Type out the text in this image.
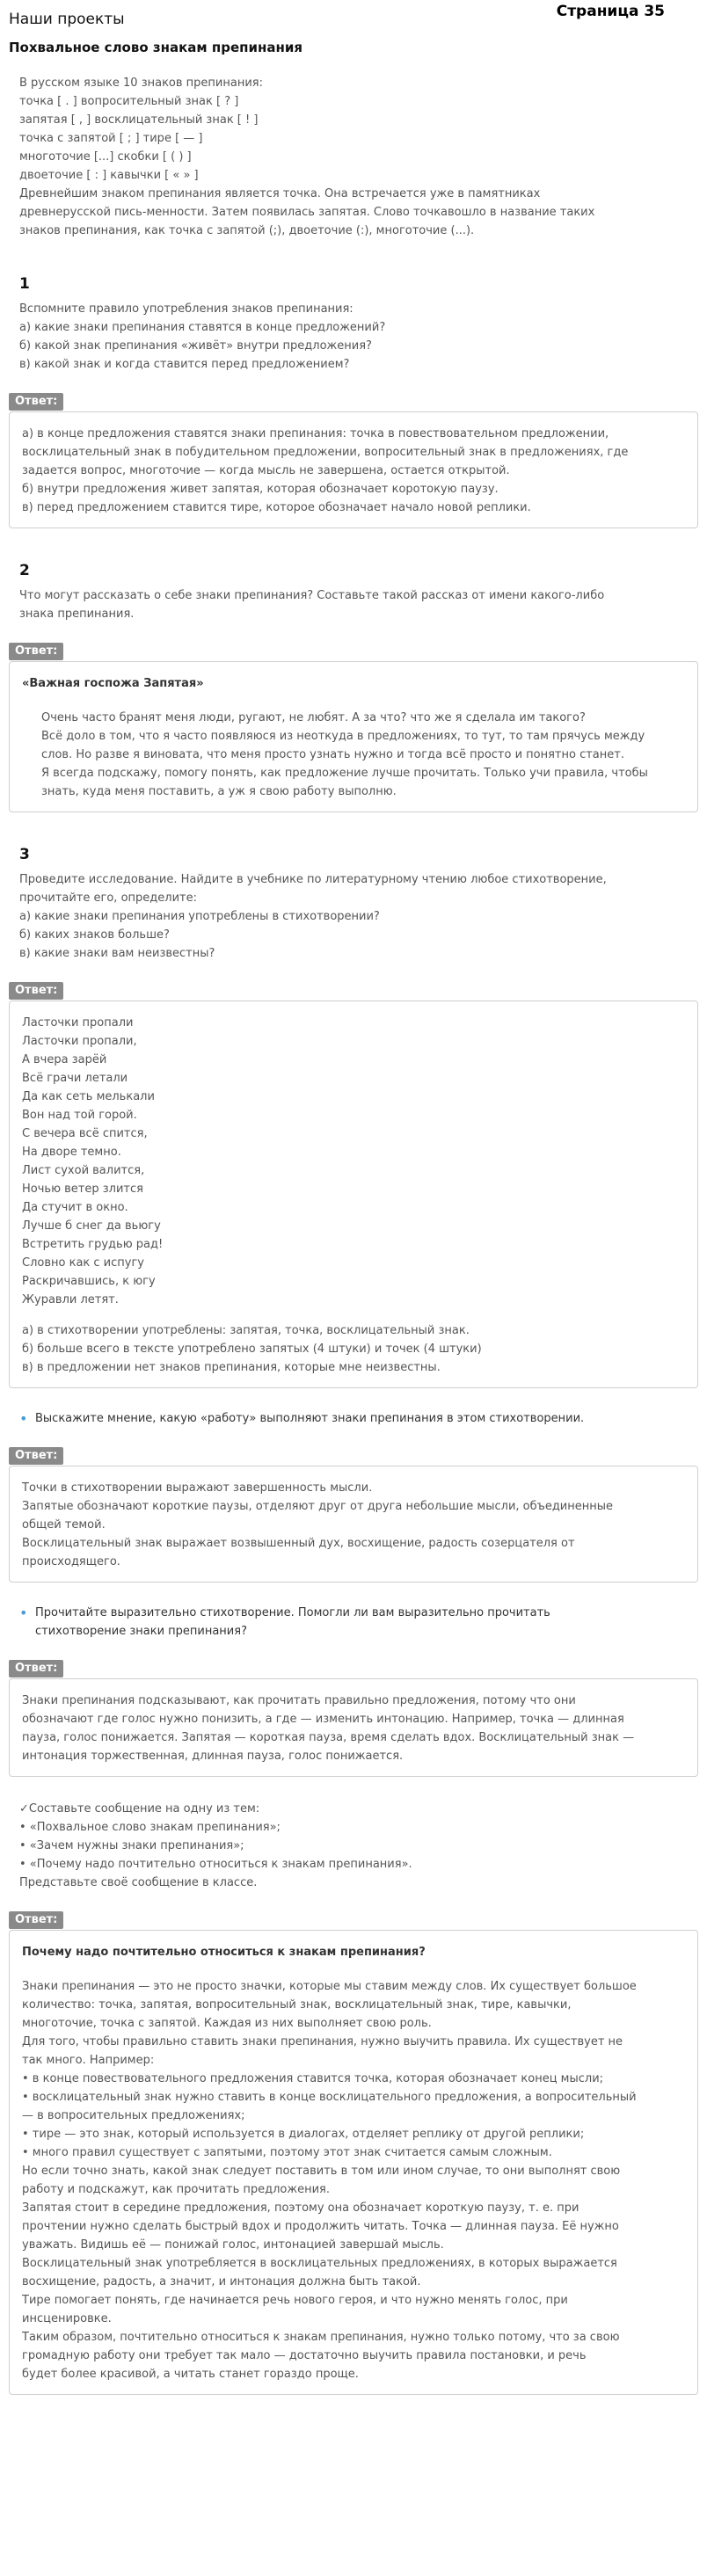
Страница 35
Наши проекты
Похвальное слово знакам препинания
В русском языке 10 знаков препинания:
точка [ . ] вопросительный знак [ ? ]
запятая [ , ] восклицательный знак [ ! ]
точка с запятой [ ; ] тире [ — ]
многоточие [...] скобки [ ( ) ]
двоеточие [ : ] кавычки [ « » ]
Древнейшим знаком препинания является точка. Она встречается уже в памятниках
древнерусской пись-менности. Затем появилась запятая. Слово точкавошло в название таких
знаков препинания, как точка с запятой (;), двоеточие (:), многоточие (...).
1
Вспомните правило употребления знаков препинания:
а) какие знаки препинания ставятся в конце предложений?
б) какой знак препинания «живёт» внутри предложения?
в) какой знак и когда ставится перед предложением?
Ответ:
а) в конце предложения ставятся знаки препинания: точка в повествовательном предложении,
восклицательный знак в побудительном предложении, вопросительный знак в предложениях, где
задается вопрос, многоточие — когда мысль не завершена, остается открытой.
б) внутри предложения живет запятая, которая обозначает коротокую паузу.
в) перед предложением ставится тире, которое обозначает начало новой реплики.
2
Что могут рассказать о себе знаки препинания? Составьте такой рассказ от имени какого-либо
знака препинания.
Ответ:
«Важная госпожа Запятая»
Очень часто бранят меня люди, ругают, не любят. А за что? что же я сделала им такого?
Всё доло в том, что я часто появляюся из неоткуда в предложениях, то тут, то там прячусь между
слов. Но разве я виновата, что меня просто узнать нужно и тогда всё просто и понятно станет.
Я всегда подскажу, помогу понять, как предложение лучше прочитать. Только учи правила, чтобы
знать, куда меня поставить, а уж я свою работу выполню.
3
Проведите исследование. Найдите в учебнике по литературному чтению любое стихотворение,
прочитайте его, определите:
а) какие знаки препинания употреблены в стихотворении?
б) каких знаков больше?
в) какие знаки вам неизвестны?
Ответ:
Ласточки пропали
Ласточки пропали,
А вчера зарёй
Всё грачи летали
Да как сеть мелькали
Вон над той горой.
С вечера всё спится,
На дворе темно.
Лист сухой валится,
Ночью ветер злится
Да стучит в окно.
Лучше б снег да вьюгу
Встретить грудью рад!
Словно как с испугу
Раскричавшись, к югу
Журавли летят.
а) в стихотворении употреблены: запятая, точка, восклицательный знак.
б) больше всего в тексте употреблено запятых (4 штуки) и точек (4 штуки)
в) в предложении нет знаков препинания, которые мне неизвестны.
• Выскажите мнение, какую «работу» выполняют знаки препинания в этом стихотворении.
Ответ:
Точки в стихотворении выражают завершенность мысли.
Запятые обозначают короткие паузы, отделяют друг от друга небольшие мысли, объединенные
общей темой.
Восклицательный знак выражает возвышенный дух, восхищение, радость созерцателя от
происходящего.
• Прочитайте выразительно стихотворение. Помогли ли вам выразительно прочитать
стихотворение знаки препинания?
Ответ:
Знаки препинания подсказывают, как прочитать правильно предложения, потому что они
обозначают где голос нужно понизить, а где — изменить интонацию. Например, точка — длинная
пауза, голос понижается. Запятая — короткая пауза, время сделать вдох. Восклицательный знак —
интонация торжественная, длинная пауза, голос понижается.
✓Составьте сообщение на одну из тем:
• «Похвальное слово знакам препинания»;
• «Зачем нужны знаки препинания»;
• «Почему надо почтительно относиться к знакам препинания».
Представьте своё сообщение в классе.
Ответ:
Почему надо почтительно относиться к знакам препинания?
Знаки препинания — это не просто значки, которые мы ставим между слов. Их существует большое
количество: точка, запятая, вопросительный знак, восклицательный знак, тире, кавычки,
многоточие, точка с запятой. Каждая из них выполняет свою роль.
Для того, чтобы правильно ставить знаки препинания, нужно выучить правила. Их существует не
так много. Например:
• в конце повествовательного предложения ставится точка, которая обозначает конец мысли;
• восклицательный знак нужно ставить в конце восклицательного предложения, а вопросительный
— в вопросительных предложениях;
• тире — это знак, который используется в диалогах, отделяет реплику от другой реплики;
• много правил существует с запятыми, поэтому этот знак считается самым сложным.
Но если точно знать, какой знак следует поставить в том или ином случае, то они выполнят свою
работу и подскажут, как прочитать предложения.
Запятая стоит в середине предложения, поэтому она обозначает короткую паузу, т. е. при
прочтении нужно сделать быстрый вдох и продолжить читать. Точка — длинная пауза. Её нужно
уважать. Видишь её — понижай голос, интонацией завершай мысль.
Восклицательный знак употребляется в восклицательных предложениях, в которых выражается
восхищение, радость, а значит, и интонация должна быть такой.
Тире помогает понять, где начинается речь нового героя, и что нужно менять голос, при
инсценировке.
Таким образом, почтительно относиться к знакам препинания, нужно только потому, что за свою
громадную работу они требует так мало — достаточно выучить правила постановки, и речь
будет более красивой, а читать станет гораздо проще.
